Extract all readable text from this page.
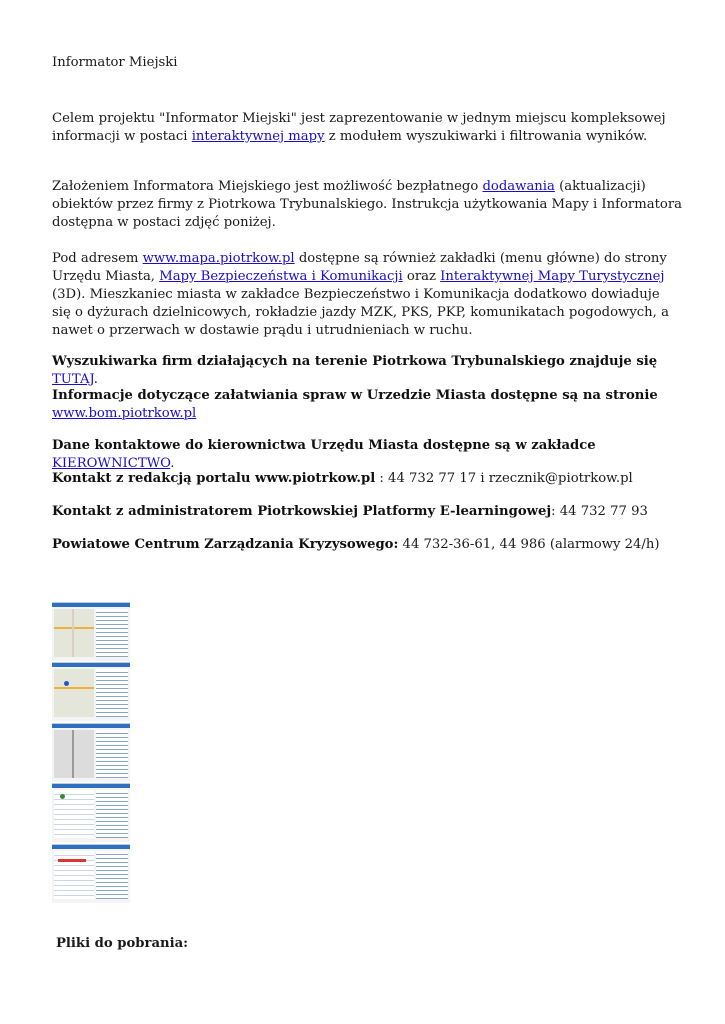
Informator Miejski

Celem projektu "Informator Miejski" jest zaprezentowanie w jednym miejscu kompleksowej informacji w postaci interaktywnej mapy z modułem wyszukiwarki i filtrowania wyników.

Założeniem Informatora Miejskiego jest możliwość bezpłatnego dodawania (aktualizacji) obiektów przez firmy z Piotrkowa Trybunalskiego. Instrukcja użytkowania Mapy i Informatora dostępna w postaci zdjęć poniżej.

Pod adresem www.mapa.piotrkow.pl dostępne są również zakładki (menu główne) do strony Urzędu Miasta, Mapy Bezpieczeństwa i Komunikacji oraz Interaktywnej Mapy Turystycznej (3D). Mieszkaniec miasta w zakładce Bezpieczeństwo i Komunikacja dodatkowo dowiaduje się o dyżurach dzielnicowych, rokładzie jazdy MZK, PKS, PKP, komunikatach pogodowych, a nawet o przerwach w dostawie prądu i utrudnieniach w ruchu.

Wyszukiwarka firm działających na terenie Piotrkowa Trybunalskiego znajduje się TUTAJ.

Informacje dotyczące załatwiania spraw w Urzedzie Miasta dostępne są na stronie www.bom.piotrkow.pl

Dane kontaktowe do kierownictwa Urzędu Miasta dostępne są w zakładce KIEROWNICTWO.

Kontakt z redakcją portalu www.piotrkow.pl : 44 732 77 17 i rzecznik@piotrkow.pl

Kontakt z administratorem Piotrkowskiej Platformy E-learningowej: 44 732 77 93

Powiatowe Centrum Zarządzania Kryzysowego: 44 732-36-61, 44 986 (alarmowy 24/h)

Pliki do pobrania:
